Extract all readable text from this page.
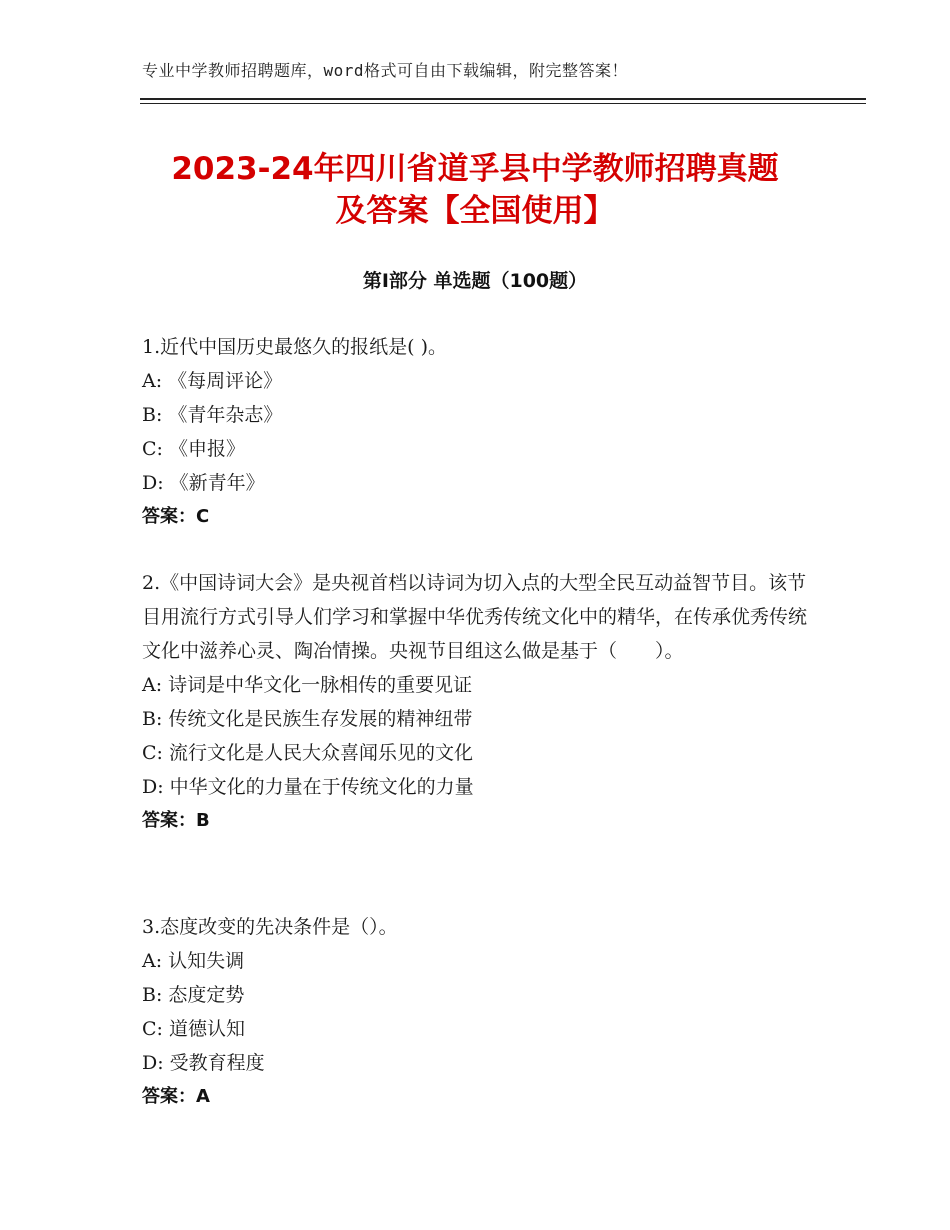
专业中学教师招聘题库，word格式可自由下载编辑，附完整答案！
2023-24年四川省道孚县中学教师招聘真题
及答案【全国使用】
第Ⅰ部分 单选题（100题）
1.近代中国历史最悠久的报纸是( )。
A: 《每周评论》
B: 《青年杂志》
C: 《申报》
D: 《新青年》
答案：C
2.《中国诗词大会》是央视首档以诗词为切入点的大型全民互动益智节目。该节目用流行方式引导人们学习和掌握中华优秀传统文化中的精华，在传承优秀传统文化中滋养心灵、陶冶情操。央视节目组这么做是基于（　　）。
A: 诗词是中华文化一脉相传的重要见证
B: 传统文化是民族生存发展的精神纽带
C: 流行文化是人民大众喜闻乐见的文化
D: 中华文化的力量在于传统文化的力量
答案：B
3.态度改变的先决条件是（）。
A: 认知失调
B: 态度定势
C: 道德认知
D: 受教育程度
答案：A
